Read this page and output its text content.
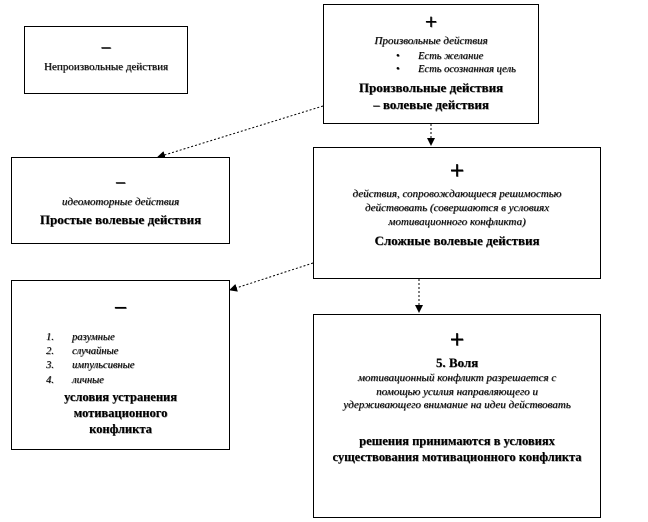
–
Непроизвольные действия
+
Произвольные действия
• Есть желание
• Есть осознанная цель
Произвольные действия – волевые действия
–
идеомоторные действия
Простые волевые действия
+
действия, сопровождающиеся решимостью действовать (совершаются в условиях мотивационного конфликта)
Сложные волевые действия
–
1. разумные
2. случайные
3. импульсивные
4. личные
условия устранения мотивационного конфликта
+
5. Воля
мотивационный конфликт разрешается с помощью усилия направляющего и удерживающего внимание на идеи действовать
решения принимаются в условиях существования мотивационного конфликта
